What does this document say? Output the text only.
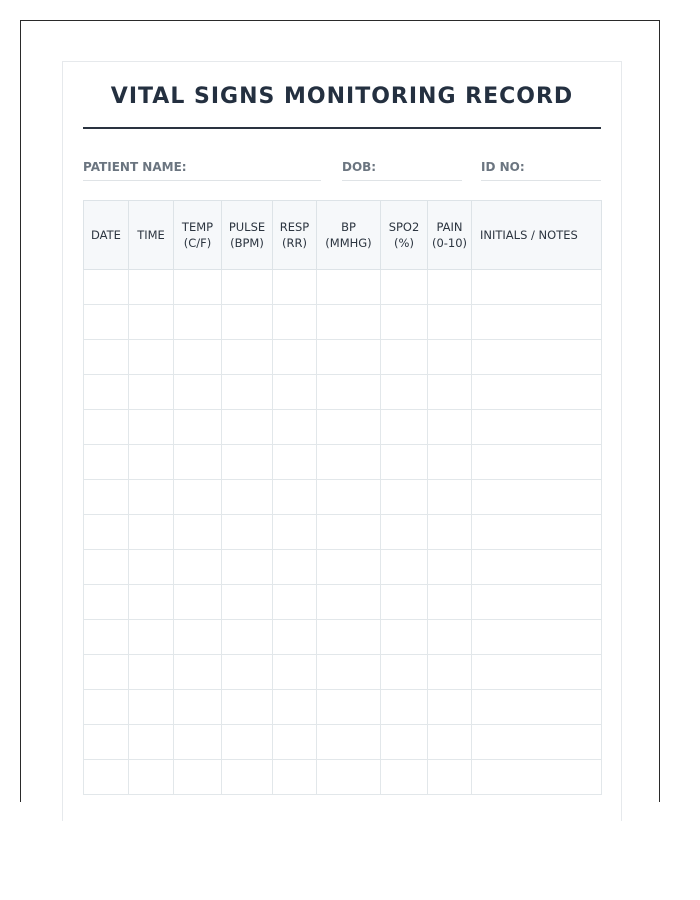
VITAL SIGNS MONITORING RECORD
PATIENT NAME:	DOB:	ID NO:
DATE	TIME	TEMP (C/F)	PULSE (BPM)	RESP (RR)	BP (MMHG)	SPO2 (%)	PAIN (0-10)	INITIALS / NOTES
